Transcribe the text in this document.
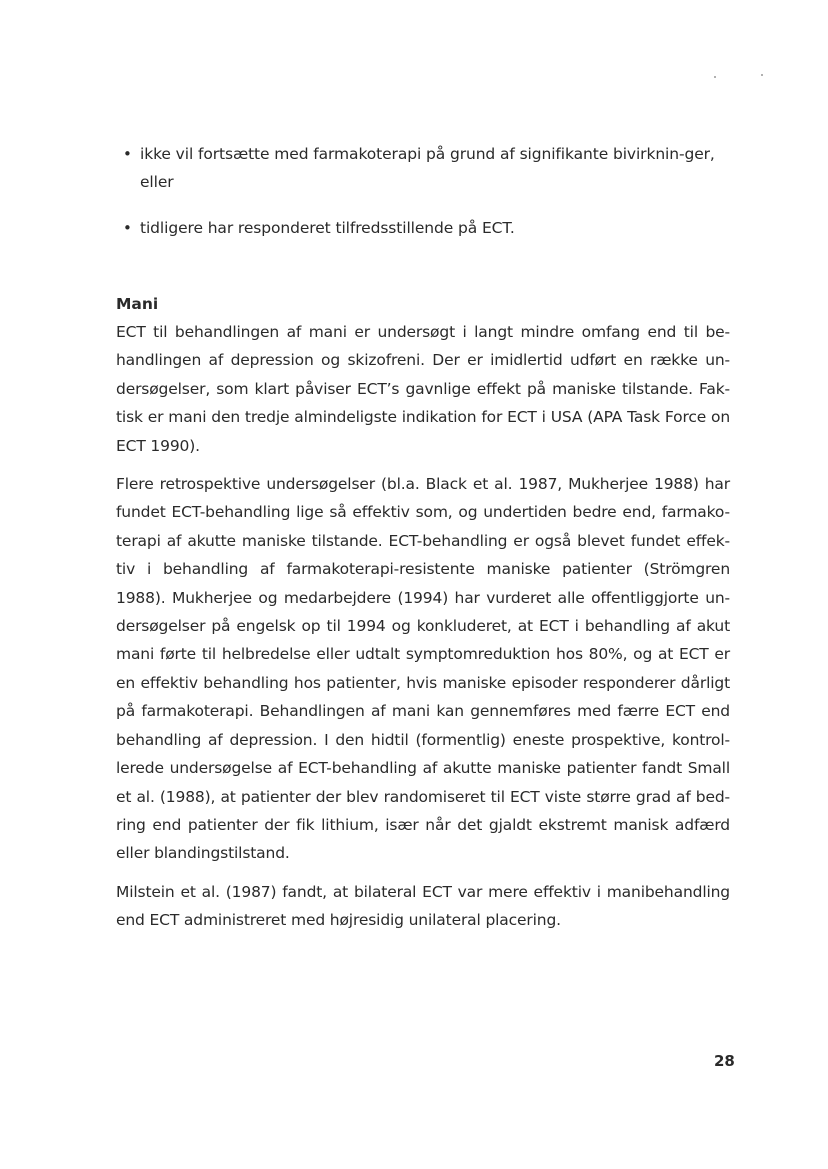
• ikke vil fortsætte med farmakoterapi på grund af signifikante bivirknin-ger, eller
• tidligere har responderet tilfredsstillende på ECT.
Mani

ECT til behandlingen af mani er undersøgt i langt mindre omfang end til be-handlingen af depression og skizofreni. Der er imidlertid udført en række un-dersøgelser, som klart påviser ECT’s gavnlige effekt på maniske tilstande. Fak-tisk er mani den tredje almindeligste indikation for ECT i USA (APA Task Force on ECT 1990).

Flere retrospektive undersøgelser (bl.a. Black et al. 1987, Mukherjee 1988) har fundet ECT-behandling lige så effektiv som, og undertiden bedre end, farmako-terapi af akutte maniske tilstande. ECT-behandling er også blevet fundet effek-tiv i behandling af farmakoterapi-resistente maniske patienter (Strömgren 1988). Mukherjee og medarbejdere (1994) har vurderet alle offentliggjorte un-dersøgelser på engelsk op til 1994 og konkluderet, at ECT i behandling af akut mani førte til helbredelse eller udtalt symptomreduktion hos 80%, og at ECT er en effektiv behandling hos patienter, hvis maniske episoder responderer dårligt på farmakoterapi. Behandlingen af mani kan gennemføres med færre ECT end behandling af depression. I den hidtil (formentlig) eneste prospektive, kontrol-lerede undersøgelse af ECT-behandling af akutte maniske patienter fandt Small et al. (1988), at patienter der blev randomiseret til ECT viste større grad af bed-ring end patienter der fik lithium, især når det gjaldt ekstremt manisk adfærd eller blandingstilstand.

Milstein et al. (1987) fandt, at bilateral ECT var mere effektiv i manibehandling end ECT administreret med højresidig unilateral placering.

28
